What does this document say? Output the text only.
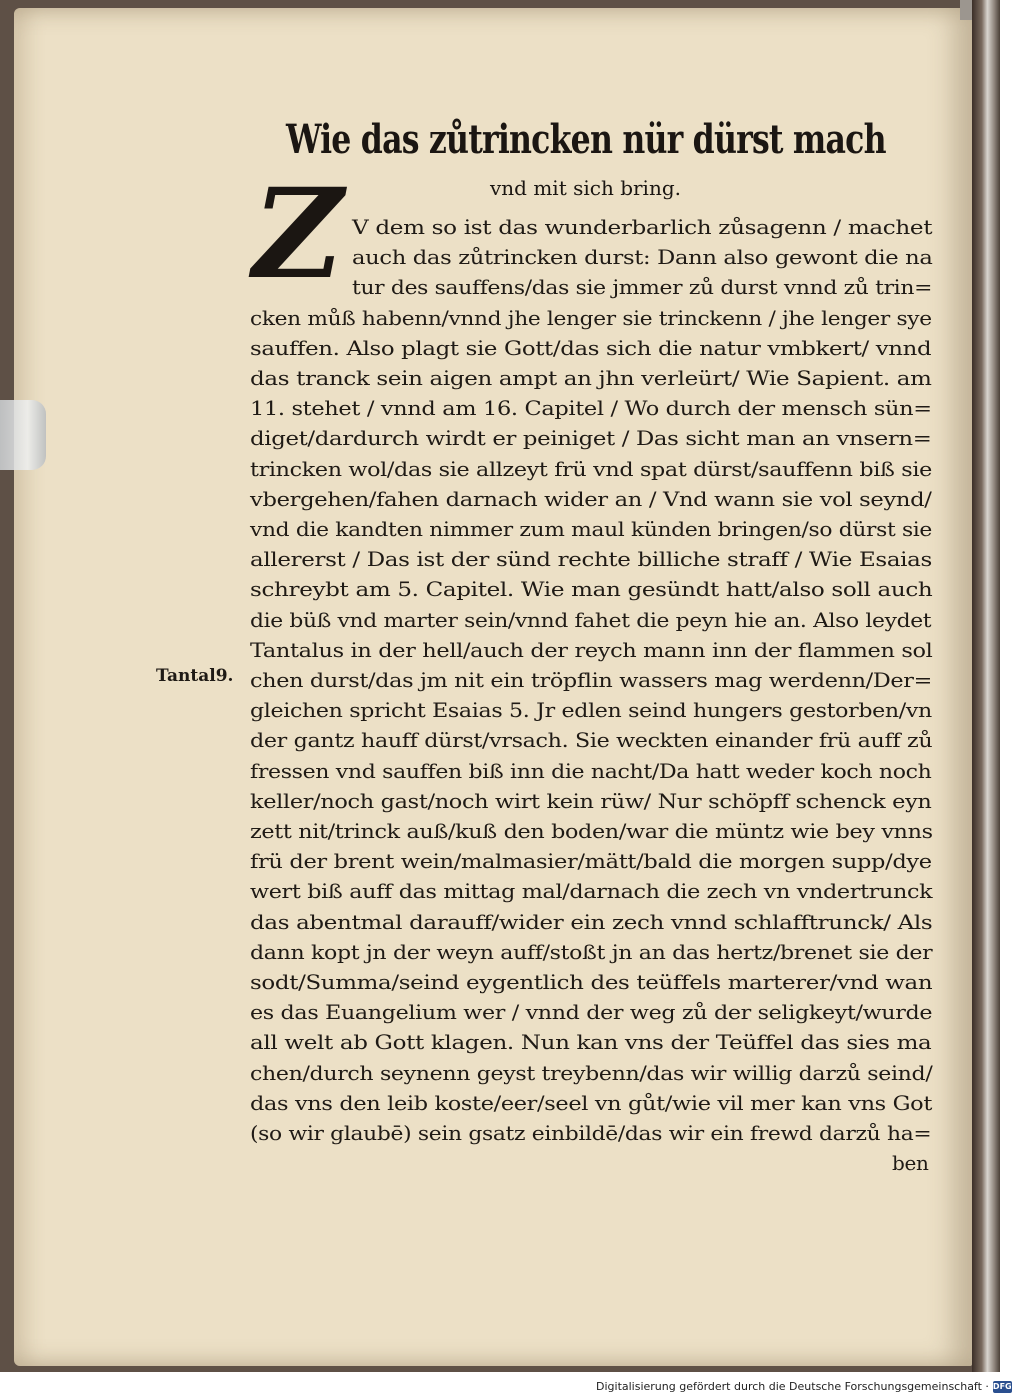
Wie das zůtrincken nür dürst mach
vnd mit sich bring.
Z
Tantal9.
V dem so ist das wunderbarlich zůsagenn / machet
auch das zůtrincken durst: Dann also gewont die na
tur des sauffens/das sie jmmer zů durst vnnd zů trin=
cken můß habenn/vnnd jhe lenger sie trinckenn / jhe lenger sye
sauffen. Also plagt sie Gott/das sich die natur vmbkert/ vnnd
das tranck sein aigen ampt an jhn verleürt/ Wie Sapient. am
11. stehet / vnnd am 16. Capitel / Wo durch der mensch sün=
diget/dardurch wirdt er peiniget / Das sicht man an vnsern=
trincken wol/das sie allzeyt frü vnd spat dürst/sauffenn biß sie
vbergehen/fahen darnach wider an / Vnd wann sie vol seynd/
vnd die kandten nimmer zum maul künden bringen/so dürst sie
allererst / Das ist der sünd rechte billiche straff / Wie Esaias
schreybt am 5. Capitel. Wie man gesündt hatt/also soll auch
die büß vnd marter sein/vnnd fahet die peyn hie an. Also leydet
Tantalus in der hell/auch der reych mann inn der flammen sol
chen durst/das jm nit ein tröpflin wassers mag werdenn/Der=
gleichen spricht Esaias 5. Jr edlen seind hungers gestorben/vn
der gantz hauff dürst/vrsach. Sie weckten einander frü auff zů
fressen vnd sauffen biß inn die nacht/Da hatt weder koch noch
keller/noch gast/noch wirt kein rüw/ Nur schöpff schenck eyn
zett nit/trinck auß/kuß den boden/war die müntz wie bey vnns
frü der brent wein/malmasier/mätt/bald die morgen supp/dye
wert biß auff das mittag mal/darnach die zech vn vndertrunck
das abentmal darauff/wider ein zech vnnd schlafftrunck/ Als
dann kopt jn der weyn auff/stoßt jn an das hertz/brenet sie der
sodt/Summa/seind eygentlich des teüffels marterer/vnd wan
es das Euangelium wer / vnnd der weg zů der seligkeyt/wurde
all welt ab Gott klagen. Nun kan vns der Teüffel das sies ma
chen/durch seynenn geyst treybenn/das wir willig darzů seind/
das vns den leib koste/eer/seel vn gůt/wie vil mer kan vns Got
(so wir glaubē) sein gsatz einbildē/das wir ein frewd darzů ha=
ben
Digitalisierung gefördert durch die Deutsche Forschungsgemeinschaft · DFG
